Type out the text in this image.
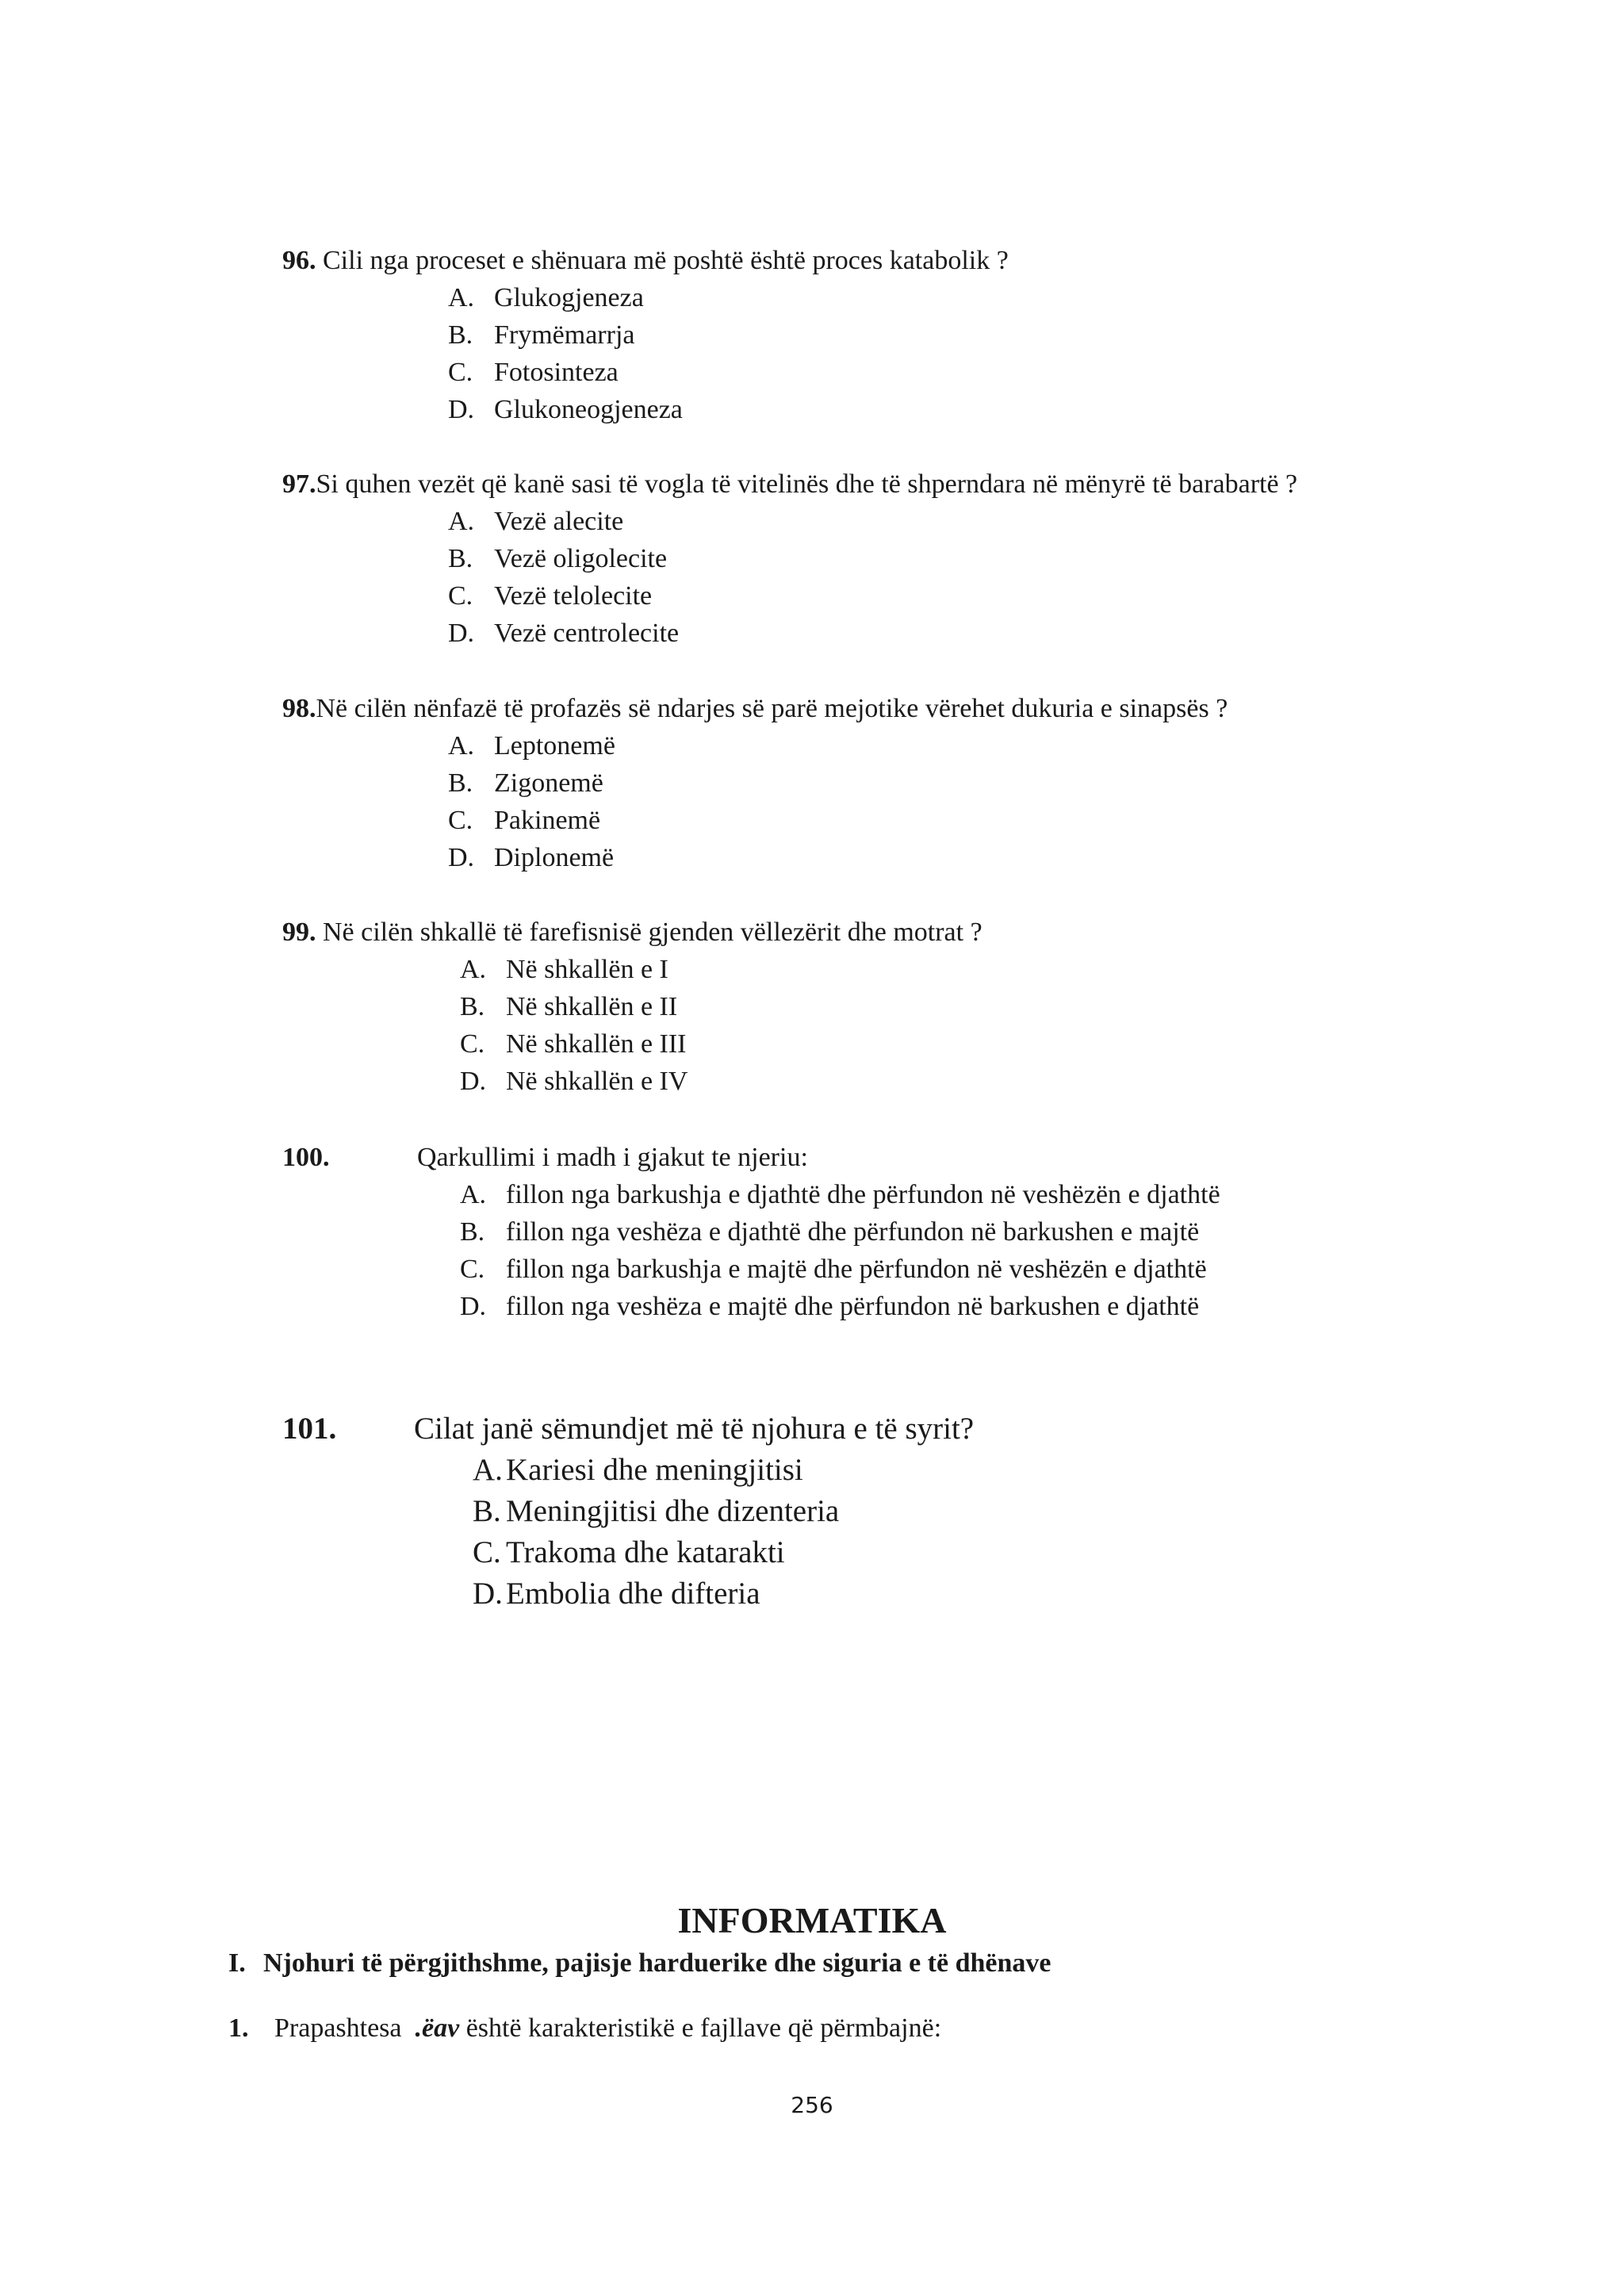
96. Cili nga proceset e shënuara më poshtë është proces katabolik ?
A. Glukogjeneza
B. Frymëmarrja
C. Fotosinteza
D. Glukoneogjeneza
97.Si quhen vezët që kanë sasi të vogla të vitelinës dhe të shperndara në mënyrë të barabartë ?
A. Vezë alecite
B. Vezë oligolecite
C. Vezë telolecite
D. Vezë centrolecite
98.Në cilën nënfazë të profazës së ndarjes së parë mejotike vërehet dukuria e sinapsës ?
A. Leptonemë
B. Zigonemë
C. Pakinemë
D. Diplonemë
99. Në cilën shkallë të farefisnisë gjenden vëllezërit dhe motrat ?
A. Në shkallën e I
B. Në shkallën e II
C. Në shkallën e III
D. Në shkallën e IV
100.	Qarkullimi i madh i gjakut te njeriu:
A. fillon nga barkushja e djathtë dhe përfundon në veshëzën e djathtë
B. fillon nga veshëza e djathtë dhe përfundon në barkushen e majtë
C. fillon nga barkushja e majtë dhe përfundon në veshëzën e djathtë
D. fillon nga veshëza e majtë dhe përfundon në barkushen e djathtë
101.	Cilat janë sëmundjet më të njohura e të syrit?
A. Kariesi dhe meningjitisi
B. Meningjitisi dhe dizenteria
C. Trakoma dhe katarakti
D. Embolia dhe difteria
INFORMATIKA
I. Njohuri të përgjithshme, pajisje harduerike dhe siguria e të dhënave
1. Prapashtesa .ëav është karakteristikë e fajllave që përmbajnë:
256
